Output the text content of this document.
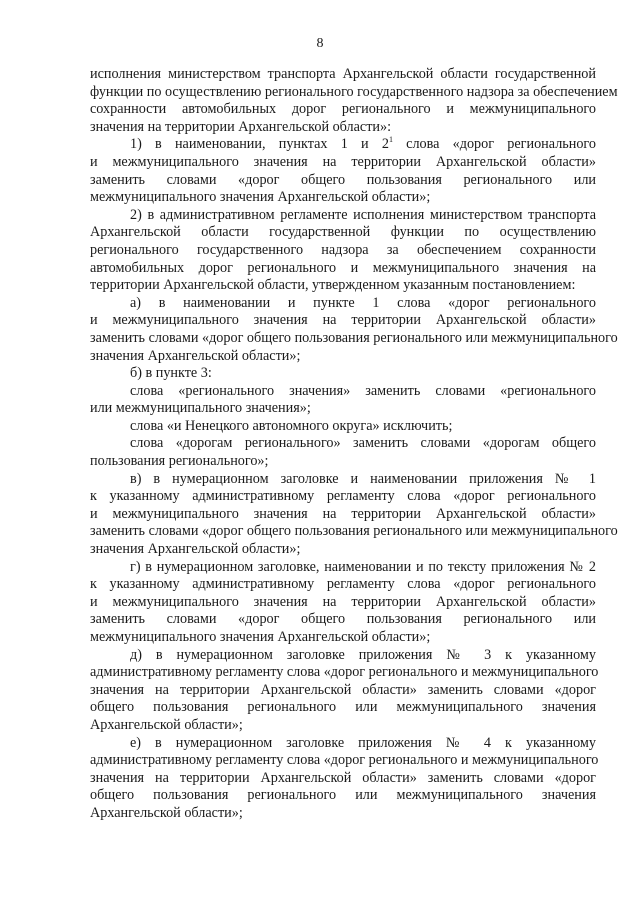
8
исполнения министерством транспорта Архангельской области государственной
функции по осуществлению регионального государственного надзора за обеспечением
сохранности автомобильных дорог регионального и межмуниципального
значения на территории Архангельской области»:
1) в наименовании, пунктах 1 и $2^1$ слова «дорог регионального
и межмуниципального значения на территории Архангельской области»
заменить словами «дорог общего пользования регионального или
межмуниципального значения Архангельской области»;
2) в административном регламенте исполнения министерством транспорта
Архангельской области государственной функции по осуществлению
регионального государственного надзора за обеспечением сохранности
автомобильных дорог регионального и межмуниципального значения на
территории Архангельской области, утвержденном указанным постановлением:
а) в наименовании и пункте 1 слова «дорог регионального
и межмуниципального значения на территории Архангельской области»
заменить словами «дорог общего пользования регионального или межмуниципального
значения Архангельской области»;
б) в пункте 3:
слова «регионального значения» заменить словами «регионального
или межмуниципального значения»;
слова «и Ненецкого автономного округа» исключить;
слова «дорогам регионального» заменить словами «дорогам общего
пользования регионального»;
в) в нумерационном заголовке и наименовании приложения № 1
к указанному административному регламенту слова «дорог регионального
и межмуниципального значения на территории Архангельской области»
заменить словами «дорог общего пользования регионального или межмуниципального
значения Архангельской области»;
г) в нумерационном заголовке, наименовании и по тексту приложения № 2
к указанному административному регламенту слова «дорог регионального
и межмуниципального значения на территории Архангельской области»
заменить словами «дорог общего пользования регионального или
межмуниципального значения Архангельской области»;
д) в нумерационном заголовке приложения № 3 к указанному
административному регламенту слова «дорог регионального и межмуниципального
значения на территории Архангельской области» заменить словами «дорог
общего пользования регионального или межмуниципального значения
Архангельской области»;
е) в нумерационном заголовке приложения № 4 к указанному
административному регламенту слова «дорог регионального и межмуниципального
значения на территории Архангельской области» заменить словами «дорог
общего пользования регионального или межмуниципального значения
Архангельской области»;
